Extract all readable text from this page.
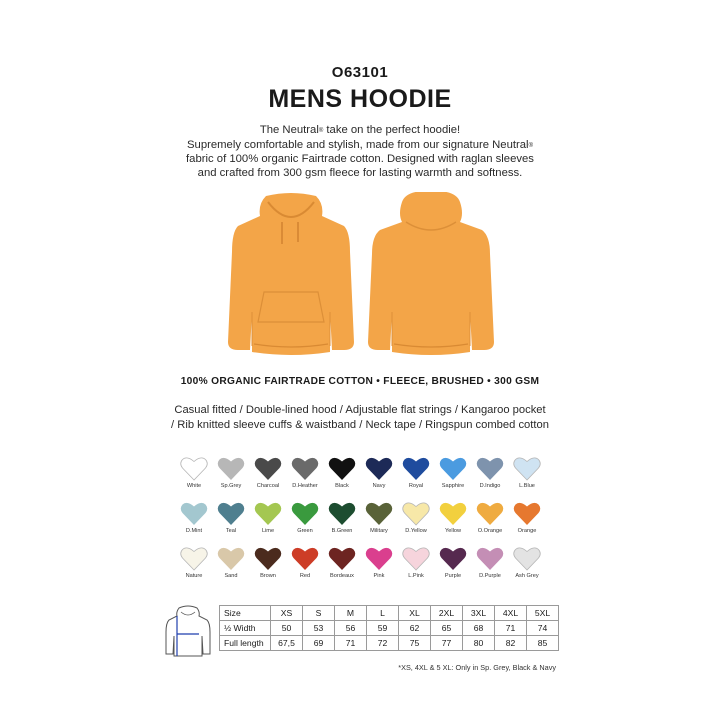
O63101
MENS HOODIE
The Neutral® take on the perfect hoodie!
Supremely comfortable and stylish, made from our signature Neutral®
fabric of 100% organic Fairtrade cotton. Designed with raglan sleeves
and crafted from 300 gsm fleece for lasting warmth and softness.
100% ORGANIC FAIRTRADE COTTON • FLEECE, BRUSHED • 300 GSM
Casual fitted / Double-lined hood / Adjustable flat strings / Kangaroo pocket
/ Rib knitted sleeve cuffs & waistband / Neck tape / Ringspun combed cotton
White	Sp.Grey	Charcoal	D.Heather	Black	Navy	Royal	Sapphire	D.Indigo	L.Blue
D.Mint	Teal	Lime	Green	B.Green	Military	D.Yellow	Yellow	O.Orange	Orange
Nature	Sand	Brown	Red	Bordeaux	Pink	L.Pink	Purple	D.Purple	Ash Grey
Size	XS	S	M	L	XL	2XL	3XL	4XL	5XL
½ Width	50	53	56	59	62	65	68	71	74
Full length	67,5	69	71	72	75	77	80	82	85
*XS, 4XL & 5 XL: Only in Sp. Grey, Black & Navy
